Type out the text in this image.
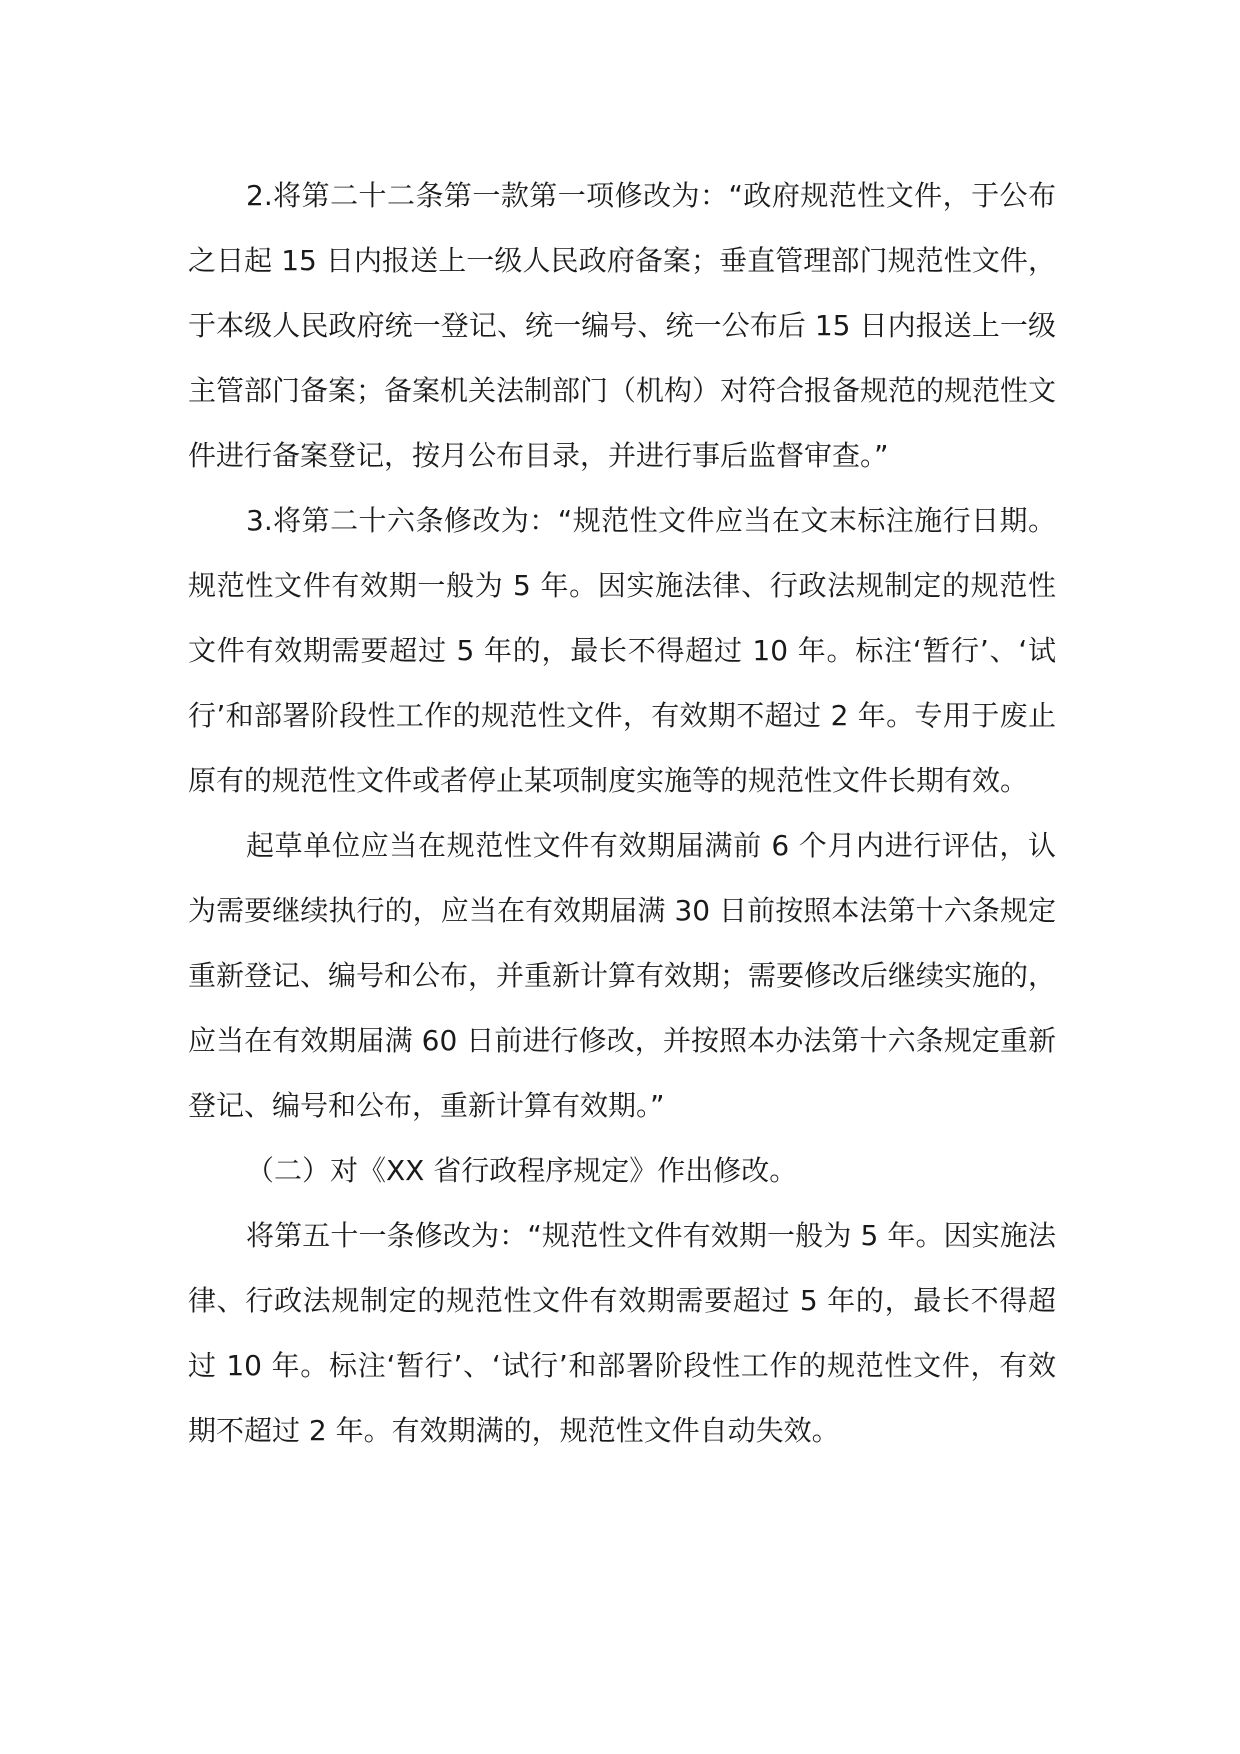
2.将第二十二条第一款第一项修改为：“政府规范性文件，于公布之日起 15 日内报送上一级人民政府备案；垂直管理部门规范性文件，于本级人民政府统一登记、统一编号、统一公布后 15 日内报送上一级主管部门备案；备案机关法制部门（机构）对符合报备规范的规范性文件进行备案登记，按月公布目录，并进行事后监督审查。”

3.将第二十六条修改为：“规范性文件应当在文末标注施行日期。规范性文件有效期一般为 5 年。因实施法律、行政法规制定的规范性文件有效期需要超过 5 年的，最长不得超过 10 年。标注‘暂行’、‘试行’和部署阶段性工作的规范性文件，有效期不超过 2 年。专用于废止原有的规范性文件或者停止某项制度实施等的规范性文件长期有效。

起草单位应当在规范性文件有效期届满前 6 个月内进行评估，认为需要继续执行的，应当在有效期届满 30 日前按照本法第十六条规定重新登记、编号和公布，并重新计算有效期；需要修改后继续实施的，应当在有效期届满 60 日前进行修改，并按照本办法第十六条规定重新登记、编号和公布，重新计算有效期。”

（二）对《XX 省行政程序规定》作出修改。

将第五十一条修改为：“规范性文件有效期一般为 5 年。因实施法律、行政法规制定的规范性文件有效期需要超过 5 年的，最长不得超过 10 年。标注‘暂行’、‘试行’和部署阶段性工作的规范性文件，有效期不超过 2 年。有效期满的，规范性文件自动失效。
